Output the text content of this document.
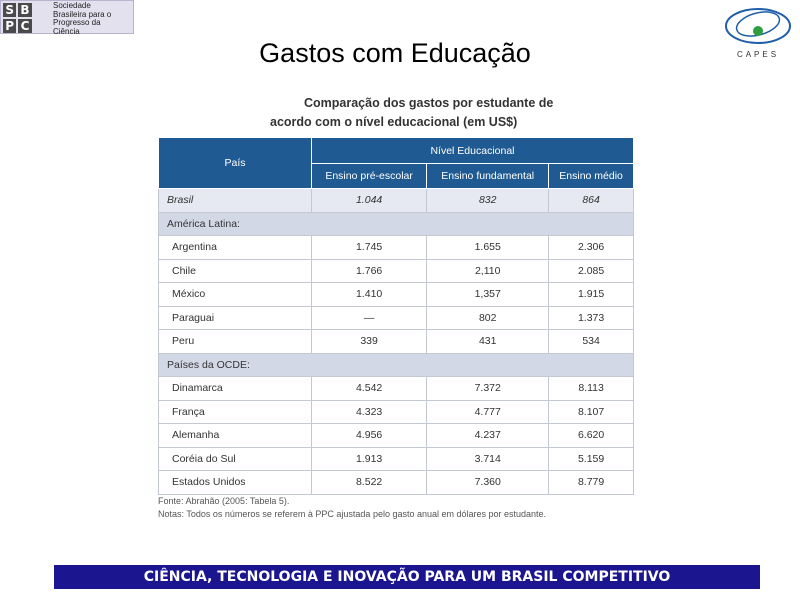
S B
P C
Sociedade
Brasileira para o
Progresso da
Ciência
CAPES
Gastos com Educação
Comparação dos gastos por estudante de
acordo com o nível educacional (em US$)
País	Nível Educacional		
	Ensino pré-escolar	Ensino fundamental	Ensino médio
Brasil	1.044	832	864
América Latina:			
Argentina	1.745	1.655	2.306
Chile	1.766	2,110	2.085
México	1.410	1,357	1.915
Paraguai	—	802	1.373
Peru	339	431	534
Países da OCDE:			
Dinamarca	4.542	7.372	8.113
França	4.323	4.777	8.107
Alemanha	4.956	4.237	6.620
Coréia do Sul	1.913	3.714	5.159
Estados Unidos	8.522	7.360	8.779
Fonte: Abrahão (2005: Tabela 5).
Notas: Todos os números se referem à PPC ajustada pelo gasto anual em dólares por estudante.
CIÊNCIA, TECNOLOGIA E INOVAÇÃO PARA UM BRASIL COMPETITIVO
